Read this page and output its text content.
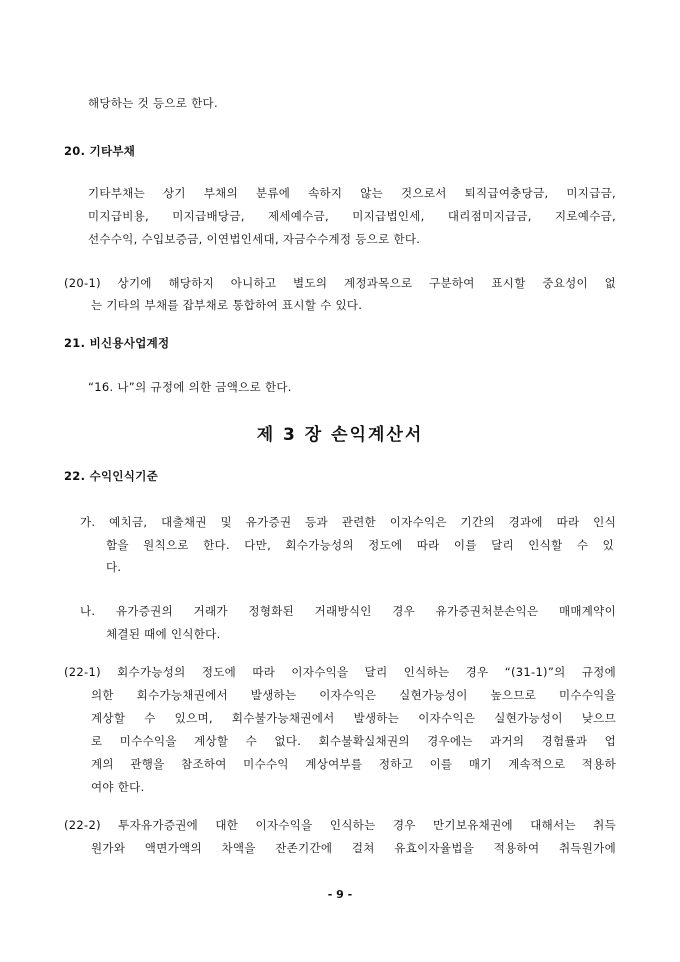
해당하는 것 등으로 한다.
20. 기타부채
기타부채는 상기 부채의 분류에 속하지 않는 것으로서 퇴직급여충당금, 미지급금,
미지급비용, 미지급배당금, 제세예수금, 미지급법인세, 대리점미지급금, 지로예수금,
선수수익, 수입보증금, 이연법인세대, 자금수수계정 등으로 한다.
(20-1) 상기에 해당하지 아니하고 별도의 계정과목으로 구분하여 표시할 중요성이 없
는 기타의 부채를 잡부채로 통합하여 표시할 수 있다.
21. 비신용사업계정
“16. 나”의 규정에 의한 금액으로 한다.
제 3 장 손익계산서
22. 수익인식기준
가. 예치금, 대출채권 및 유가증권 등과 관련한 이자수익은 기간의 경과에 따라 인식
함을 원칙으로 한다. 다만, 회수가능성의 정도에 따라 이를 달리 인식할 수 있
다.
나. 유가증권의 거래가 정형화된 거래방식인 경우 유가증권처분손익은 매매계약이
체결된 때에 인식한다.
(22-1) 회수가능성의 정도에 따라 이자수익을 달리 인식하는 경우 “(31-1)”의 규정에
의한 회수가능채권에서 발생하는 이자수익은 실현가능성이 높으므로 미수수익을
계상할 수 있으며, 회수불가능채권에서 발생하는 이자수익은 실현가능성이 낮으므
로 미수수익을 계상할 수 없다. 회수불확실채권의 경우에는 과거의 경험률과 업
계의 관행을 참조하여 미수수익 계상여부를 정하고 이를 매기 계속적으로 적용하
여야 한다.
(22-2) 투자유가증권에 대한 이자수익을 인식하는 경우 만기보유채권에 대해서는 취득
원가와 액면가액의 차액을 잔존기간에 걸쳐 유효이자율법을 적용하여 취득원가에
- 9 -
